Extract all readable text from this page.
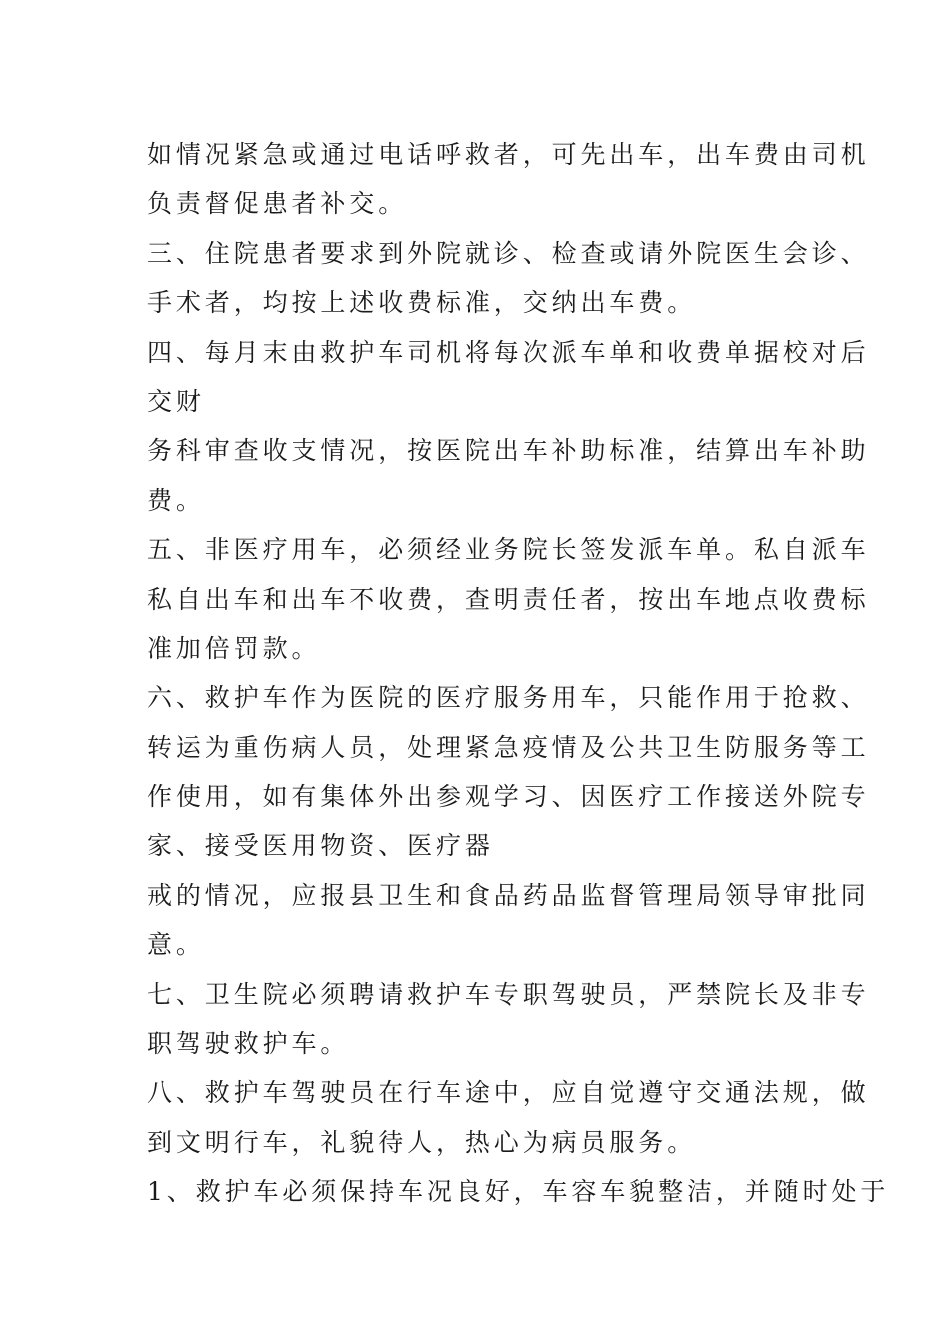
如情况紧急或通过电话呼救者，可先出车，出车费由司机
负责督促患者补交。
三、住院患者要求到外院就诊、检查或请外院医生会诊、
手术者，均按上述收费标准，交纳出车费。
四、每月末由救护车司机将每次派车单和收费单据校对后
交财
务科审查收支情况，按医院出车补助标准，结算出车补助
费。
五、非医疗用车，必须经业务院长签发派车单。私自派车
私自出车和出车不收费，查明责任者，按出车地点收费标
准加倍罚款。
六、救护车作为医院的医疗服务用车，只能作用于抢救、
转运为重伤病人员，处理紧急疫情及公共卫生防服务等工
作使用，如有集体外出参观学习、因医疗工作接送外院专
家、接受医用物资、医疗器
戒的情况，应报县卫生和食品药品监督管理局领导审批同
意。
七、卫生院必须聘请救护车专职驾驶员，严禁院长及非专
职驾驶救护车。
八、救护车驾驶员在行车途中，应自觉遵守交通法规，做
到文明行车，礼貌待人，热心为病员服务。
1、救护车必须保持车况良好，车容车貌整洁，并随时处于
